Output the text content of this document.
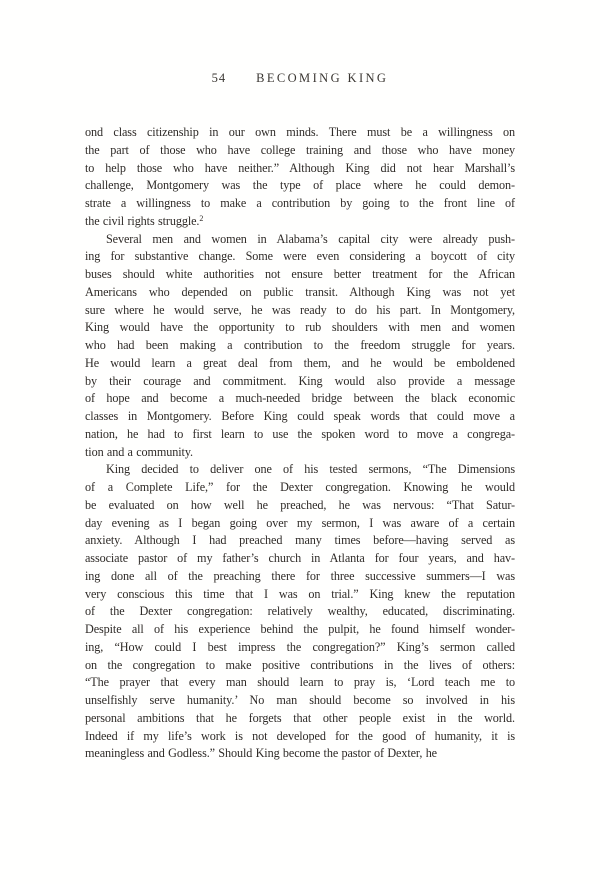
54 BECOMING KING
ond class citizenship in our own minds. There must be a willingness on
the part of those who have college training and those who have money
to help those who have neither.” Although King did not hear Marshall’s
challenge, Montgomery was the type of place where he could demon-
strate a willingness to make a contribution by going to the front line of
the civil rights struggle.$^2$
Several men and women in Alabama’s capital city were already push-
ing for substantive change. Some were even considering a boycott of city
buses should white authorities not ensure better treatment for the African
Americans who depended on public transit. Although King was not yet
sure where he would serve, he was ready to do his part. In Montgomery,
King would have the opportunity to rub shoulders with men and women
who had been making a contribution to the freedom struggle for years.
He would learn a great deal from them, and he would be emboldened
by their courage and commitment. King would also provide a message
of hope and become a much-needed bridge between the black economic
classes in Montgomery. Before King could speak words that could move a
nation, he had to first learn to use the spoken word to move a congrega-
tion and a community.
King decided to deliver one of his tested sermons, “The Dimensions
of a Complete Life,” for the Dexter congregation. Knowing he would
be evaluated on how well he preached, he was nervous: “That Satur-
day evening as I began going over my sermon, I was aware of a certain
anxiety. Although I had preached many times before—having served as
associate pastor of my father’s church in Atlanta for four years, and hav-
ing done all of the preaching there for three successive summers—I was
very conscious this time that I was on trial.” King knew the reputation
of the Dexter congregation: relatively wealthy, educated, discriminating.
Despite all of his experience behind the pulpit, he found himself wonder-
ing, “How could I best impress the congregation?” King’s sermon called
on the congregation to make positive contributions in the lives of others:
“The prayer that every man should learn to pray is, ‘Lord teach me to
unselfishly serve humanity.’ No man should become so involved in his
personal ambitions that he forgets that other people exist in the world.
Indeed if my life’s work is not developed for the good of humanity, it is
meaningless and Godless.” Should King become the pastor of Dexter, he
